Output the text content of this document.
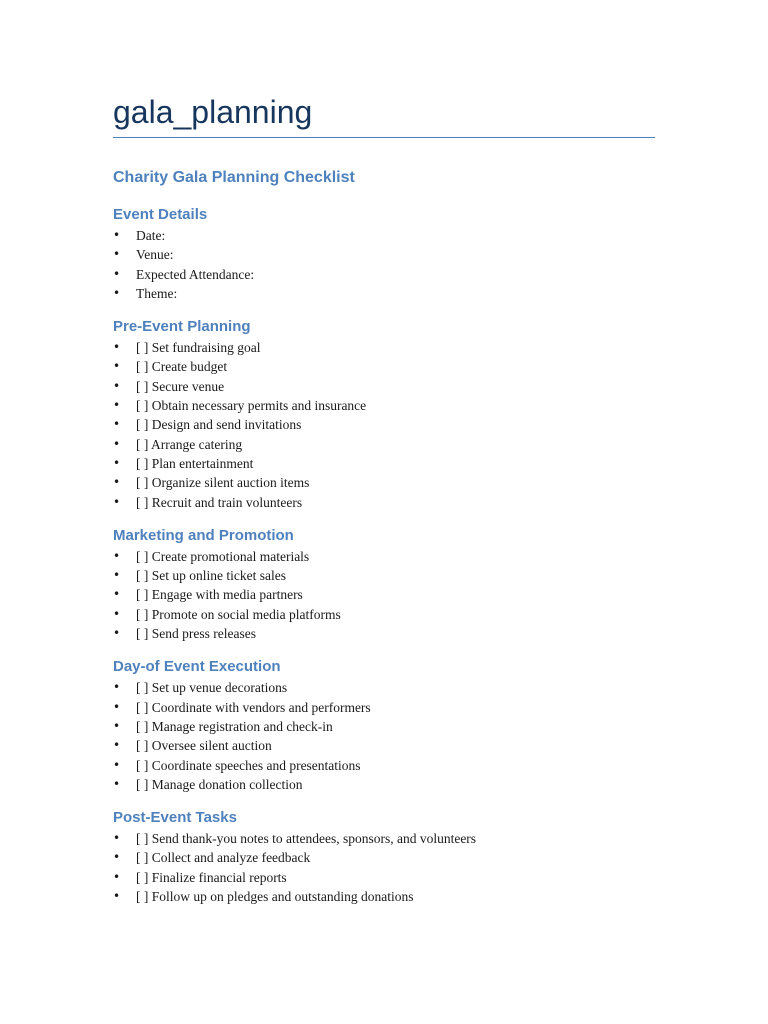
gala_planning
Charity Gala Planning Checklist
Event Details
• Date:
• Venue:
• Expected Attendance:
• Theme:
Pre-Event Planning
• [ ] Set fundraising goal
• [ ] Create budget
• [ ] Secure venue
• [ ] Obtain necessary permits and insurance
• [ ] Design and send invitations
• [ ] Arrange catering
• [ ] Plan entertainment
• [ ] Organize silent auction items
• [ ] Recruit and train volunteers
Marketing and Promotion
• [ ] Create promotional materials
• [ ] Set up online ticket sales
• [ ] Engage with media partners
• [ ] Promote on social media platforms
• [ ] Send press releases
Day-of Event Execution
• [ ] Set up venue decorations
• [ ] Coordinate with vendors and performers
• [ ] Manage registration and check-in
• [ ] Oversee silent auction
• [ ] Coordinate speeches and presentations
• [ ] Manage donation collection
Post-Event Tasks
• [ ] Send thank-you notes to attendees, sponsors, and volunteers
• [ ] Collect and analyze feedback
• [ ] Finalize financial reports
• [ ] Follow up on pledges and outstanding donations
